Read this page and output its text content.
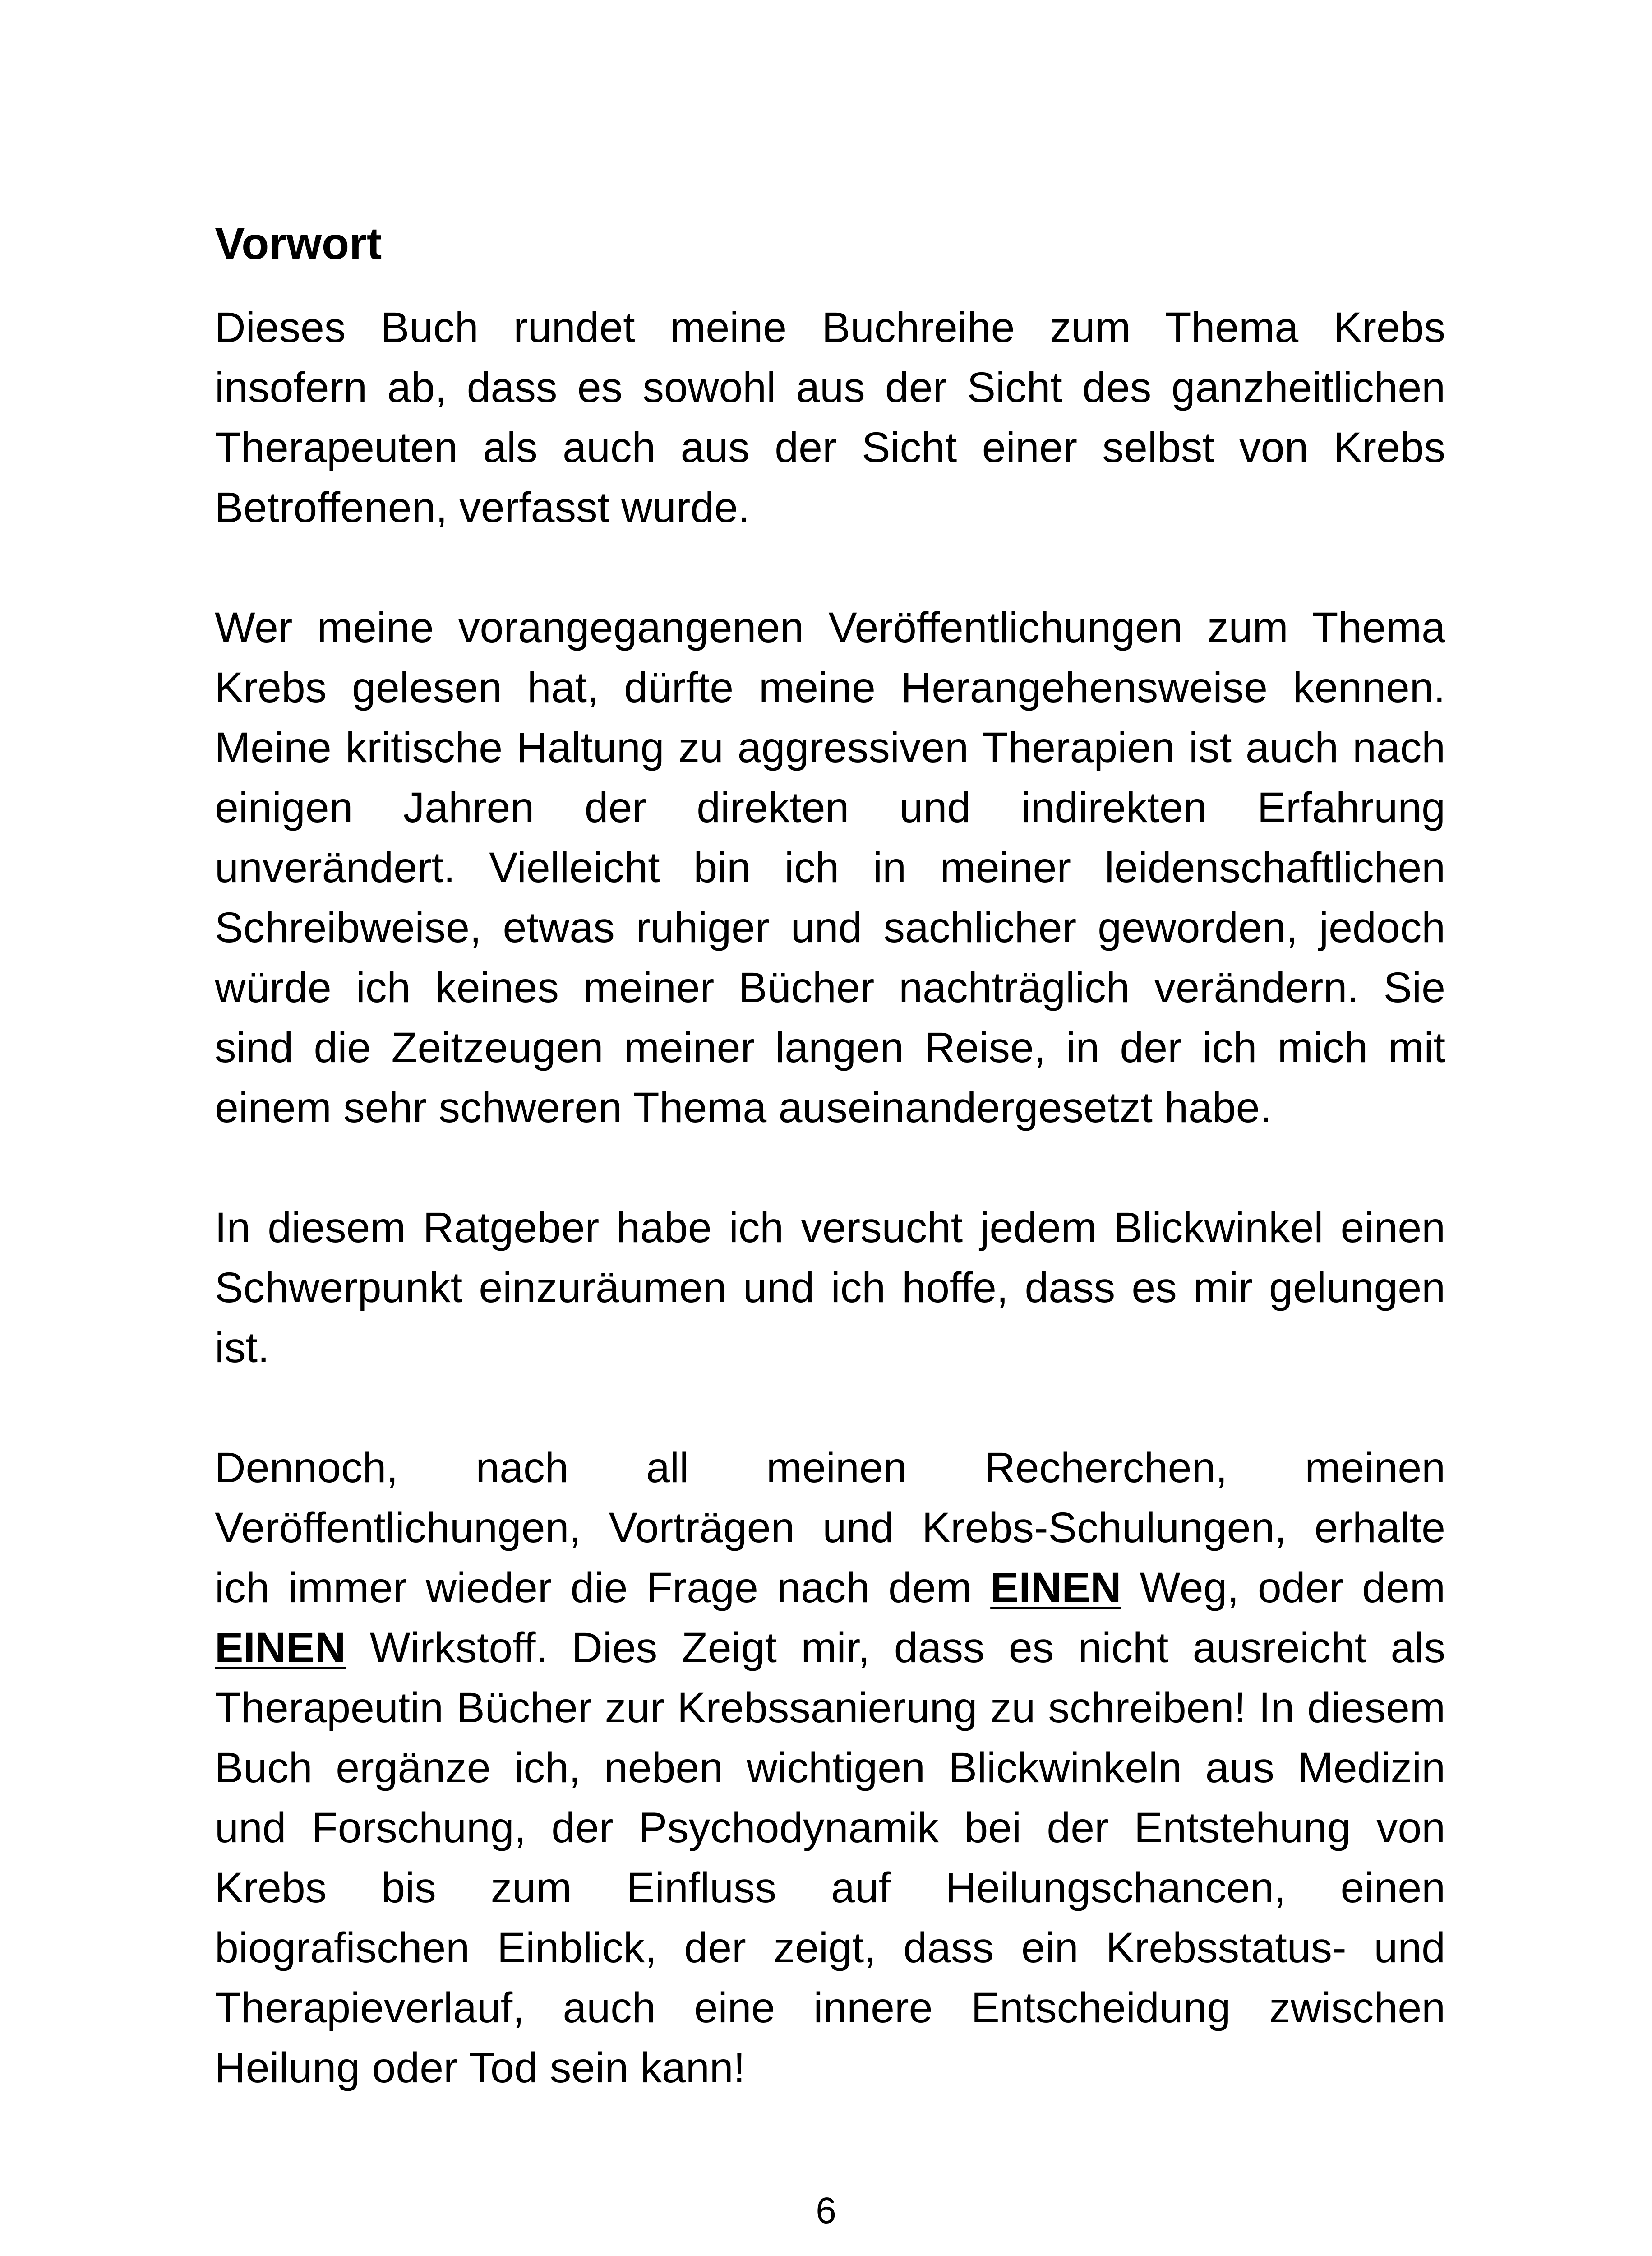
Vorwort

Dieses Buch rundet meine Buchreihe zum Thema Krebs insofern ab, dass es sowohl aus der Sicht des ganzheitlichen Therapeuten als auch aus der Sicht einer selbst von Krebs Betroffenen, verfasst wurde.

Wer meine vorangegangenen Veröffentlichungen zum Thema Krebs gelesen hat, dürfte meine Herangehensweise kennen. Meine kritische Haltung zu aggressiven Therapien ist auch nach einigen Jahren der direkten und indirekten Erfahrung unverändert. Vielleicht bin ich in meiner leidenschaftlichen Schreibweise, etwas ruhiger und sachlicher geworden, jedoch würde ich keines meiner Bücher nachträglich verändern. Sie sind die Zeitzeugen meiner langen Reise, in der ich mich mit einem sehr schweren Thema auseinandergesetzt habe.

In diesem Ratgeber habe ich versucht jedem Blickwinkel einen Schwerpunkt einzuräumen und ich hoffe, dass es mir gelungen ist.

Dennoch, nach all meinen Recherchen, meinen Veröffentlichungen, Vorträgen und Krebs-Schulungen, erhalte ich immer wieder die Frage nach dem EINEN Weg, oder dem EINEN Wirkstoff. Dies Zeigt mir, dass es nicht ausreicht als Therapeutin Bücher zur Krebssanierung zu schreiben! In diesem Buch ergänze ich, neben wichtigen Blickwinkeln aus Medizin und Forschung, der Psychodynamik bei der Entstehung von Krebs bis zum Einfluss auf Heilungschancen, einen biografischen Einblick, der zeigt, dass ein Krebsstatus- und Therapieverlauf, auch eine innere Entscheidung zwischen Heilung oder Tod sein kann!

6
